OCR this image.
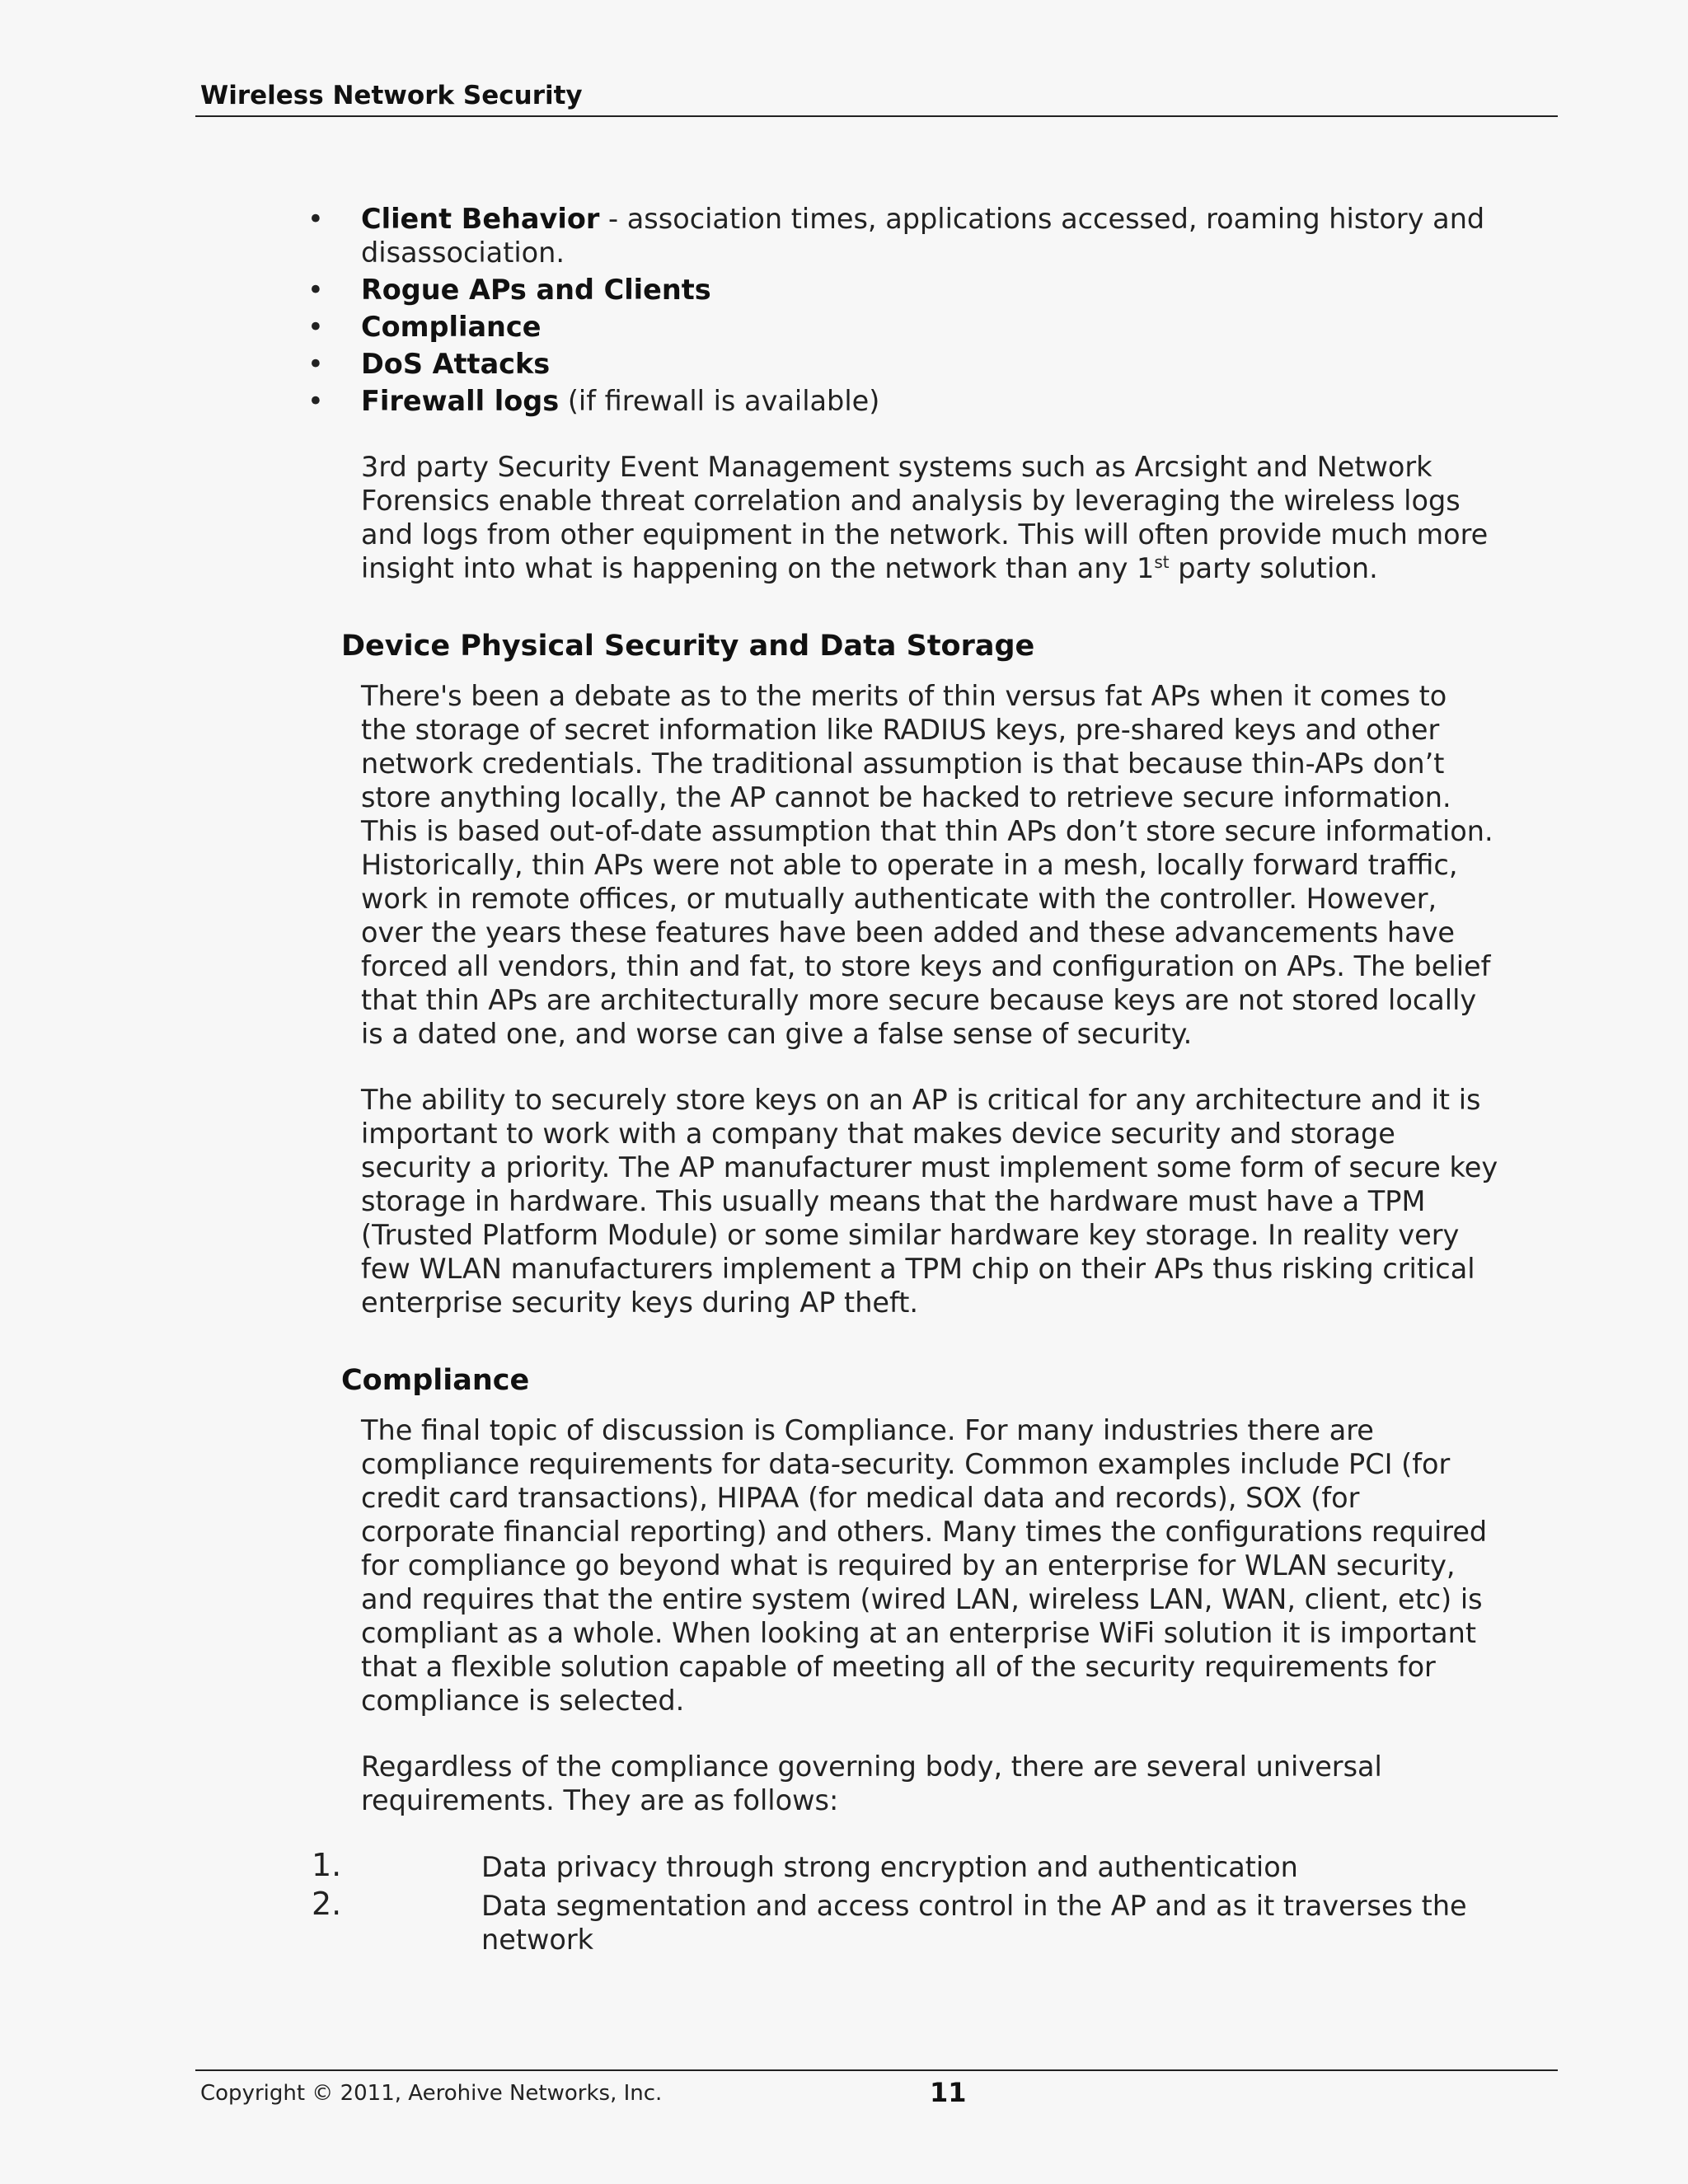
Wireless Network Security
• Client Behavior - association times, applications accessed, roaming history and disassociation.
• Rogue APs and Clients
• Compliance
• DoS Attacks
• Firewall logs (if firewall is available)

3rd party Security Event Management systems such as Arcsight and Network Forensics enable threat correlation and analysis by leveraging the wireless logs and logs from other equipment in the network. This will often provide much more insight into what is happening on the network than any 1st party solution.

Device Physical Security and Data Storage

There's been a debate as to the merits of thin versus fat APs when it comes to the storage of secret information like RADIUS keys, pre-shared keys and other network credentials. The traditional assumption is that because thin-APs don’t store anything locally, the AP cannot be hacked to retrieve secure information. This is based out-of-date assumption that thin APs don’t store secure information. Historically, thin APs were not able to operate in a mesh, locally forward traffic, work in remote offices, or mutually authenticate with the controller. However, over the years these features have been added and these advancements have forced all vendors, thin and fat, to store keys and configuration on APs. The belief that thin APs are architecturally more secure because keys are not stored locally is a dated one, and worse can give a false sense of security.

The ability to securely store keys on an AP is critical for any architecture and it is important to work with a company that makes device security and storage security a priority. The AP manufacturer must implement some form of secure key storage in hardware. This usually means that the hardware must have a TPM (Trusted Platform Module) or some similar hardware key storage. In reality very few WLAN manufacturers implement a TPM chip on their APs thus risking critical enterprise security keys during AP theft.

Compliance

The final topic of discussion is Compliance. For many industries there are compliance requirements for data-security. Common examples include PCI (for credit card transactions), HIPAA (for medical data and records), SOX (for corporate financial reporting) and others. Many times the configurations required for compliance go beyond what is required by an enterprise for WLAN security, and requires that the entire system (wired LAN, wireless LAN, WAN, client, etc) is compliant as a whole. When looking at an enterprise WiFi solution it is important that a flexible solution capable of meeting all of the security requirements for compliance is selected.

Regardless of the compliance governing body, there are several universal requirements. They are as follows:

1.	Data privacy through strong encryption and authentication
2.	Data segmentation and access control in the AP and as it traverses the network
Copyright © 2011, Aerohive Networks, Inc.	11
